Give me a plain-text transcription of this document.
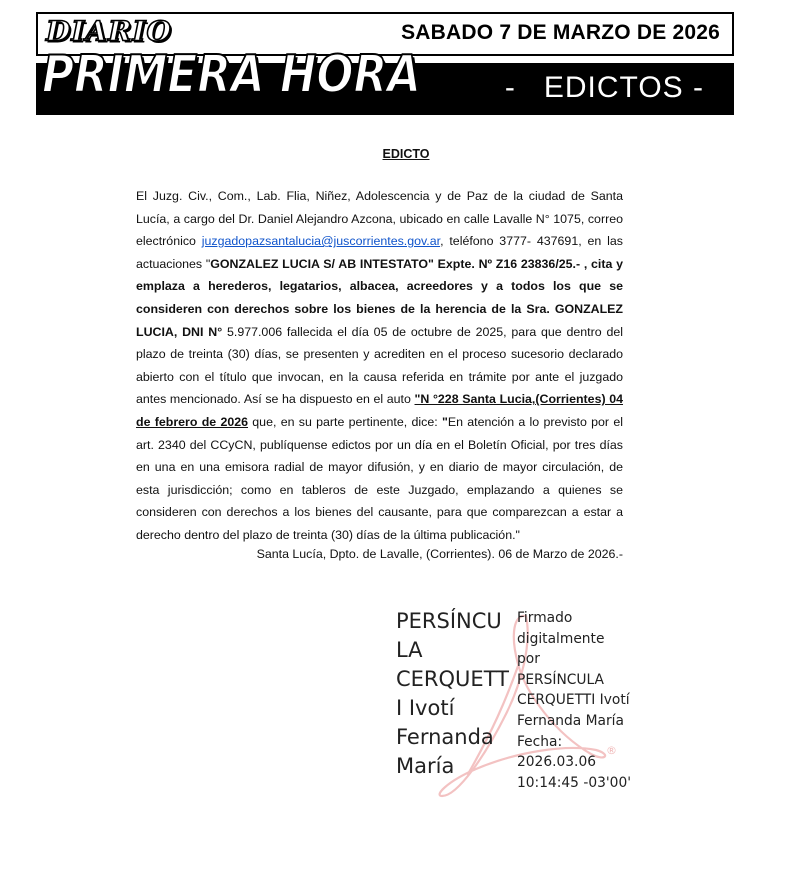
SABADO 7 DE MARZO DE 2026
-   EDICTOS -
DIARIO
PRIMERA HORA
EDICTO

El Juzg. Civ., Com., Lab. Flia, Niñez, Adolescencia y de Paz de la ciudad de Santa Lucía, a cargo del Dr. Daniel Alejandro Azcona, ubicado en calle Lavalle N° 1075, correo electrónico juzgadopazsantalucia@juscorrientes.gov.ar, teléfono 3777- 437691, en las actuaciones "GONZALEZ LUCIA S/ AB INTESTATO" Expte. Nº Z16 23836/25.- , cita y emplaza a herederos, legatarios, albacea, acreedores y a todos los que se consideren con derechos sobre los bienes de la herencia de la Sra. GONZALEZ LUCIA, DNI N° 5.977.006 fallecida el día 05 de octubre de 2025, para que dentro del plazo de treinta (30) días, se presenten y acrediten en el proceso sucesorio declarado abierto con el título que invocan, en la causa referida en trámite por ante el juzgado antes mencionado. Así se ha dispuesto en el auto "N °228 Santa Lucia,(Corrientes) 04 de febrero de 2026 que, en su parte pertinente, dice: "En atención a lo previsto por el art. 2340 del CCyCN, publíquense edictos por un día en el Boletín Oficial, por tres días en una en una emisora radial de mayor difusión, y en diario de mayor circulación, de esta jurisdicción; como en tableros de este Juzgado, emplazando a quienes se consideren con derechos a los bienes del causante, para que comparezcan a estar a derecho dentro del plazo de treinta (30) días de la última publicación."

Santa Lucía, Dpto. de Lavalle, (Corrientes). 06 de Marzo de 2026.-
®
PERSÍNCU
LA
CERQUETT
I Ivotí
Fernanda
María
Firmado
digitalmente
por
PERSÍNCULA
CERQUETTI Ivotí
Fernanda María
Fecha:
2026.03.06
10:14:45 -03'00'
